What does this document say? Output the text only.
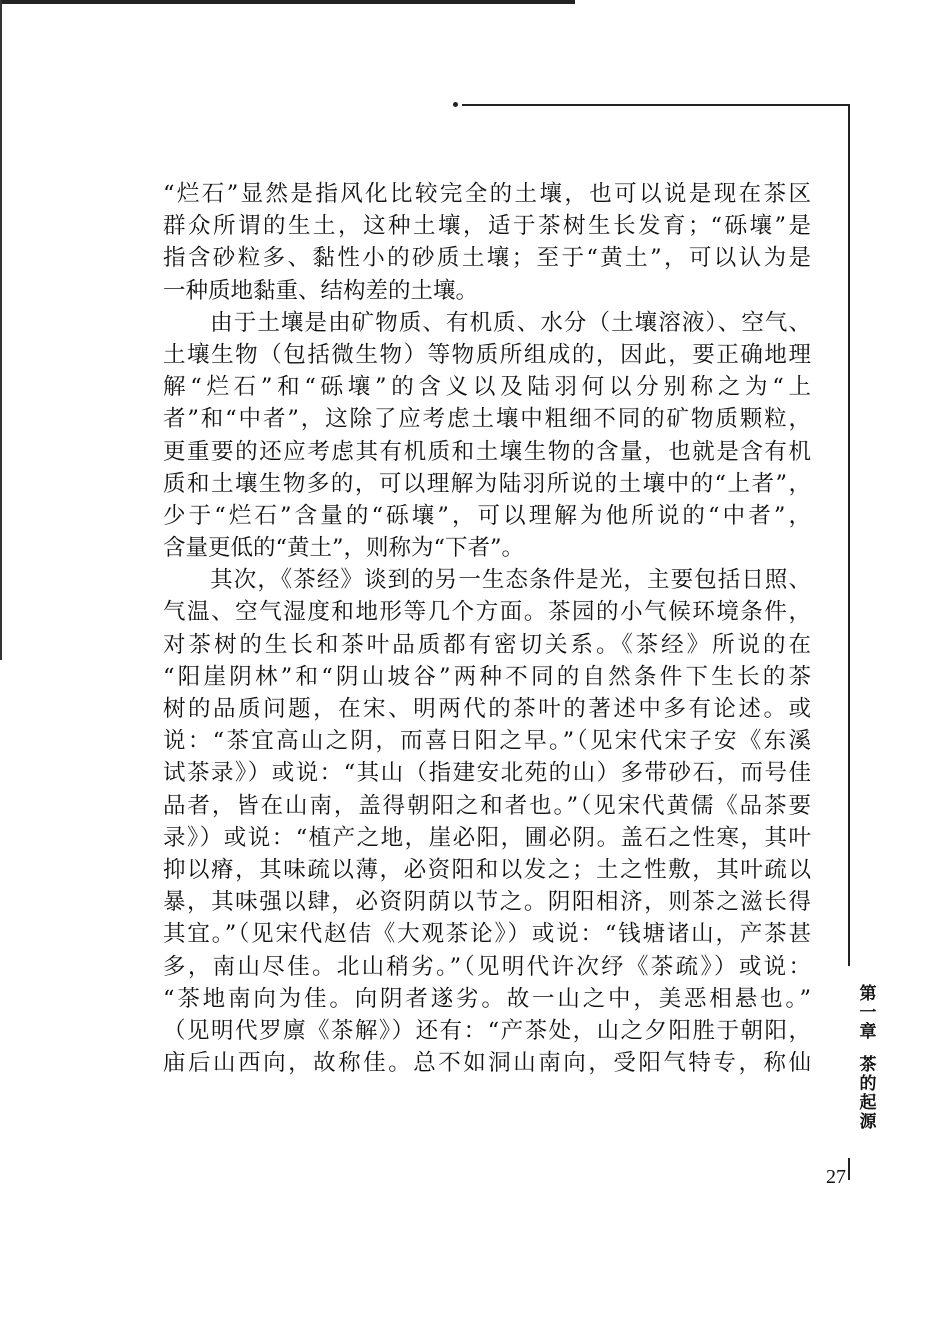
“烂石”显然是指风化比较完全的土壤，也可以说是现在茶区
群众所谓的生土，这种土壤，适于茶树生长发育；“砾壤”是
指含砂粒多、黏性小的砂质土壤；至于“黄土”，可以认为是
一种质地黏重、结构差的土壤。
　　由于土壤是由矿物质、有机质、水分（土壤溶液）、空气、
土壤生物（包括微生物）等物质所组成的，因此，要正确地理
解“烂石”和“砾壤”的含义以及陆羽何以分别称之为“上
者”和“中者”，这除了应考虑土壤中粗细不同的矿物质颗粒，
更重要的还应考虑其有机质和土壤生物的含量，也就是含有机
质和土壤生物多的，可以理解为陆羽所说的土壤中的“上者”，
少于“烂石”含量的“砾壤”，可以理解为他所说的“中者”，
含量更低的“黄土”，则称为“下者”。
　　其次，《茶经》谈到的另一生态条件是光，主要包括日照、
气温、空气湿度和地形等几个方面。茶园的小气候环境条件，
对茶树的生长和茶叶品质都有密切关系。《茶经》所说的在
“阳崖阴林”和“阴山坡谷”两种不同的自然条件下生长的茶
树的品质问题，在宋、明两代的茶叶的著述中多有论述。或
说：“茶宜高山之阴，而喜日阳之早。”（见宋代宋子安《东溪
试茶录》）或说：“其山（指建安北苑的山）多带砂石，而号佳
品者，皆在山南，盖得朝阳之和者也。”（见宋代黄儒《品茶要
录》）或说：“植产之地，崖必阳，圃必阴。盖石之性寒，其叶
抑以瘠，其味疏以薄，必资阳和以发之；土之性敷，其叶疏以
暴，其味强以肆，必资阴荫以节之。阴阳相济，则茶之滋长得
其宜。”（见宋代赵佶《大观茶论》）或说：“钱塘诸山，产茶甚
多，南山尽佳。北山稍劣。”（见明代许次纾《茶疏》）或说：
“茶地南向为佳。向阴者遂劣。故一山之中，美恶相悬也。”
（见明代罗廪《茶解》）还有：“产茶处，山之夕阳胜于朝阳，
庙后山西向，故称佳。总不如洞山南向，受阳气特专，称仙
第
一
章
茶
的
起
源
27
